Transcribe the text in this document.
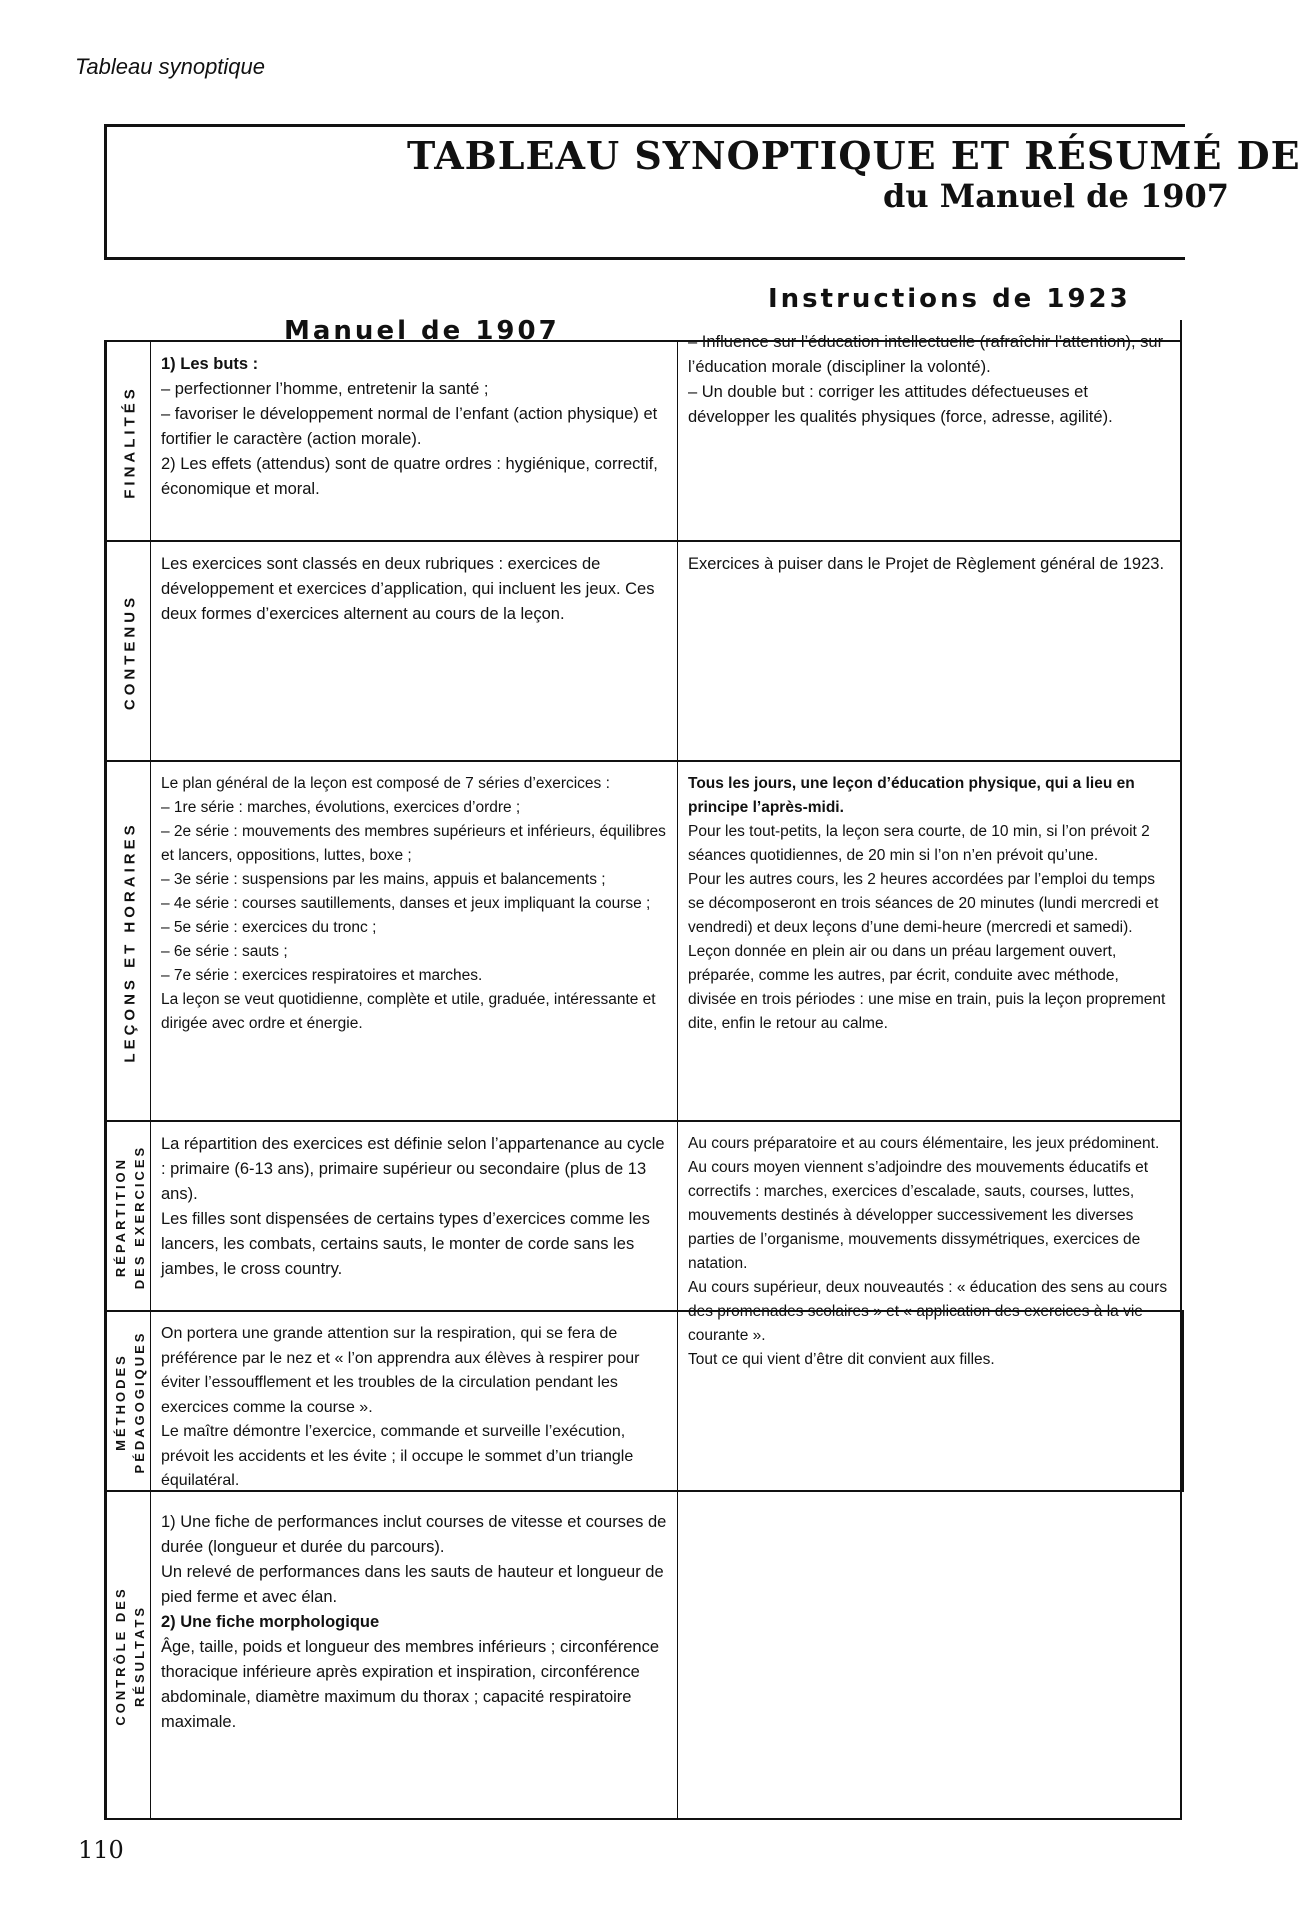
Tableau synoptique
TABLEAU SYNOPTIQUE ET RÉSUMÉ DE
du Manuel de 1907
Manuel de 1907
Instructions de 1923
FINALITÉS

1) Les buts :

– perfectionner l’homme, entretenir la santé ;

– favoriser le développement normal de l’enfant (action physique) et fortifier le caractère (action morale).

2) Les effets (attendus) sont de quatre ordres : hygiénique, correctif, économique et moral.

– Influence sur l’éducation intellectuelle (rafraîchir l’attention), sur l’éducation morale (discipliner la volonté).

– Un double but : corriger les attitudes défectueuses et développer les qualités physiques (force, adresse, agilité).

CONTENUS

Les exercices sont classés en deux rubriques : exercices de développement et exercices d’application, qui incluent les jeux. Ces deux formes d’exercices alternent au cours de la leçon.

Exercices à puiser dans le Projet de Règlement général de 1923.

LEÇONS ET HORAIRES

Le plan général de la leçon est composé de 7 séries d’exercices :

– 1re série : marches, évolutions, exercices d’ordre ;

– 2e série : mouvements des membres supérieurs et inférieurs, équilibres et lancers, oppositions, luttes, boxe ;

– 3e série : suspensions par les mains, appuis et balancements ;

– 4e série : courses sautillements, danses et jeux impliquant la course ;

– 5e série : exercices du tronc ;

– 6e série : sauts ;

– 7e série : exercices respiratoires et marches.

La leçon se veut quotidienne, complète et utile, graduée, intéressante et dirigée avec ordre et énergie.

Tous les jours, une leçon d’éducation physique, qui a lieu en principe l’après-midi.

Pour les tout-petits, la leçon sera courte, de 10 min, si l’on prévoit 2 séances quotidiennes, de 20 min si l’on n’en prévoit qu’une.

Pour les autres cours, les 2 heures accordées par l’emploi du temps se décomposeront en trois séances de 20 minutes (lundi mercredi et vendredi) et deux leçons d’une demi-heure (mercredi et samedi).

Leçon donnée en plein air ou dans un préau largement ouvert, préparée, comme les autres, par écrit, conduite avec méthode, divisée en trois périodes : une mise en train, puis la leçon proprement dite, enfin le retour au calme.

RÉPARTITION DES EXERCICES

La répartition des exercices est définie selon l’appartenance au cycle : primaire (6-13 ans), primaire supérieur ou secondaire (plus de 13 ans).

Les filles sont dispensées de certains types d’exercices comme les lancers, les combats, certains sauts, le monter de corde sans les jambes, le cross country.

Au cours préparatoire et au cours élémentaire, les jeux prédominent.

Au cours moyen viennent s’adjoindre des mouvements éducatifs et correctifs : marches, exercices d’escalade, sauts, courses, luttes, mouvements destinés à développer successivement les diverses parties de l’organisme, mouvements dissymétriques, exercices de natation.

Au cours supérieur, deux nouveautés : « éducation des sens au cours des promenades scolaires » et « application des exercices à la vie courante ».

Tout ce qui vient d’être dit convient aux filles.

MÉTHODES PÉDAGOGIQUES On portera une grande attention sur la respiration, qui se fera de préférence par le nez et « l’on apprendra aux élèves à respirer pour éviter l’essoufflement et les troubles de la circulation pendant les exercices comme la course ».

Le maître démontre l’exercice, commande et surveille l’exécution, prévoit les accidents et les évite ; il occupe le sommet d’un triangle équilatéral.

CONTRÔLE DES RÉSULTATS

1) Une fiche de performances inclut courses de vitesse et courses de durée (longueur et durée du parcours).

Un relevé de performances dans les sauts de hauteur et longueur de pied ferme et avec élan.

2) Une fiche morphologique

Âge, taille, poids et longueur des membres inférieurs ; circonférence thoracique inférieure après expiration et inspiration, circonférence abdominale, diamètre maximum du thorax ; capacité respiratoire maximale.

110
